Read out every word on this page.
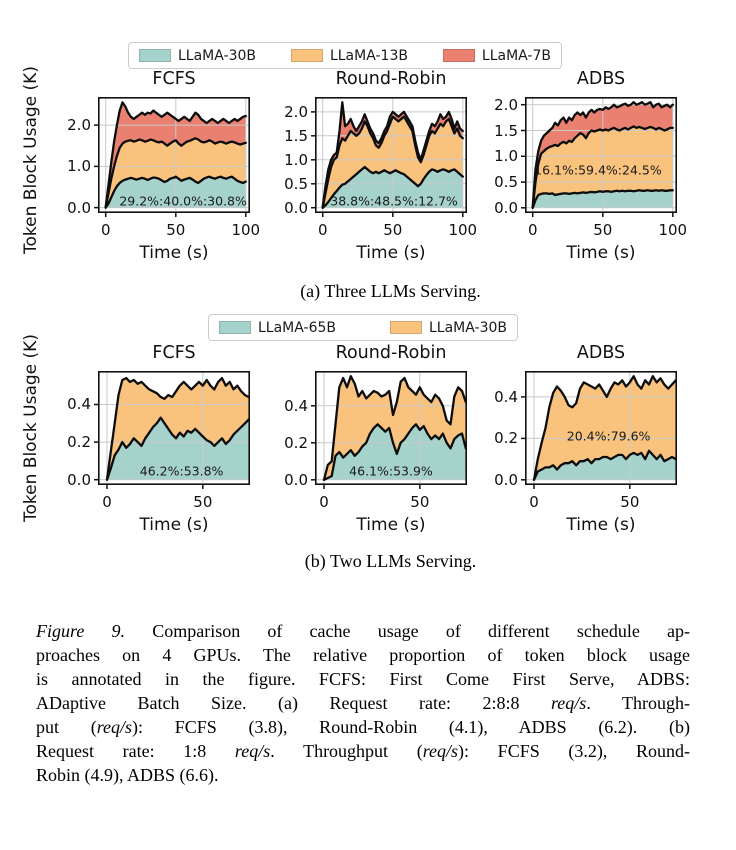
LLaMA-30B	LLaMA-13B	LLaMA-7B
Token Block Usage (K)	FCFS
0.0
1.0
2.0
0	50	100
Time (s)
29.2%:40.0%:30.8%
Round-Robin
0.0
0.5
1.0
1.5
2.0
0	50	100
Time (s)
38.8%:48.5%:12.7%
ADBS
0.0
0.5
1.0
1.5
2.0
0	50	100
Time (s)
16.1%:59.4%:24.5%
(a) Three LLMs Serving.
LLaMA-65B	LLaMA-30B
Token Block Usage (K)	FCFS
0.0
0.2
0.4
0	50
Time (s)
46.2%:53.8%
Round-Robin
0.0
0.2
0.4
0	50
Time (s)
46.1%:53.9%
ADBS
0.0
0.2
0.4
0	50
Time (s)
20.4%:79.6%
(b) Two LLMs Serving.
Figure 9. Comparison of cache usage of different schedule ap-
proaches on 4 GPUs. The relative proportion of token block usage
is annotated in the figure. FCFS: First Come First Serve, ADBS:
ADaptive Batch Size. (a) Request rate: 2:8:8 req/s. Through-
put (req/s): FCFS (3.8), Round-Robin (4.1), ADBS (6.2). (b)
Request rate: 1:8 req/s. Throughput (req/s): FCFS (3.2), Round-
Robin (4.9), ADBS (6.6).
